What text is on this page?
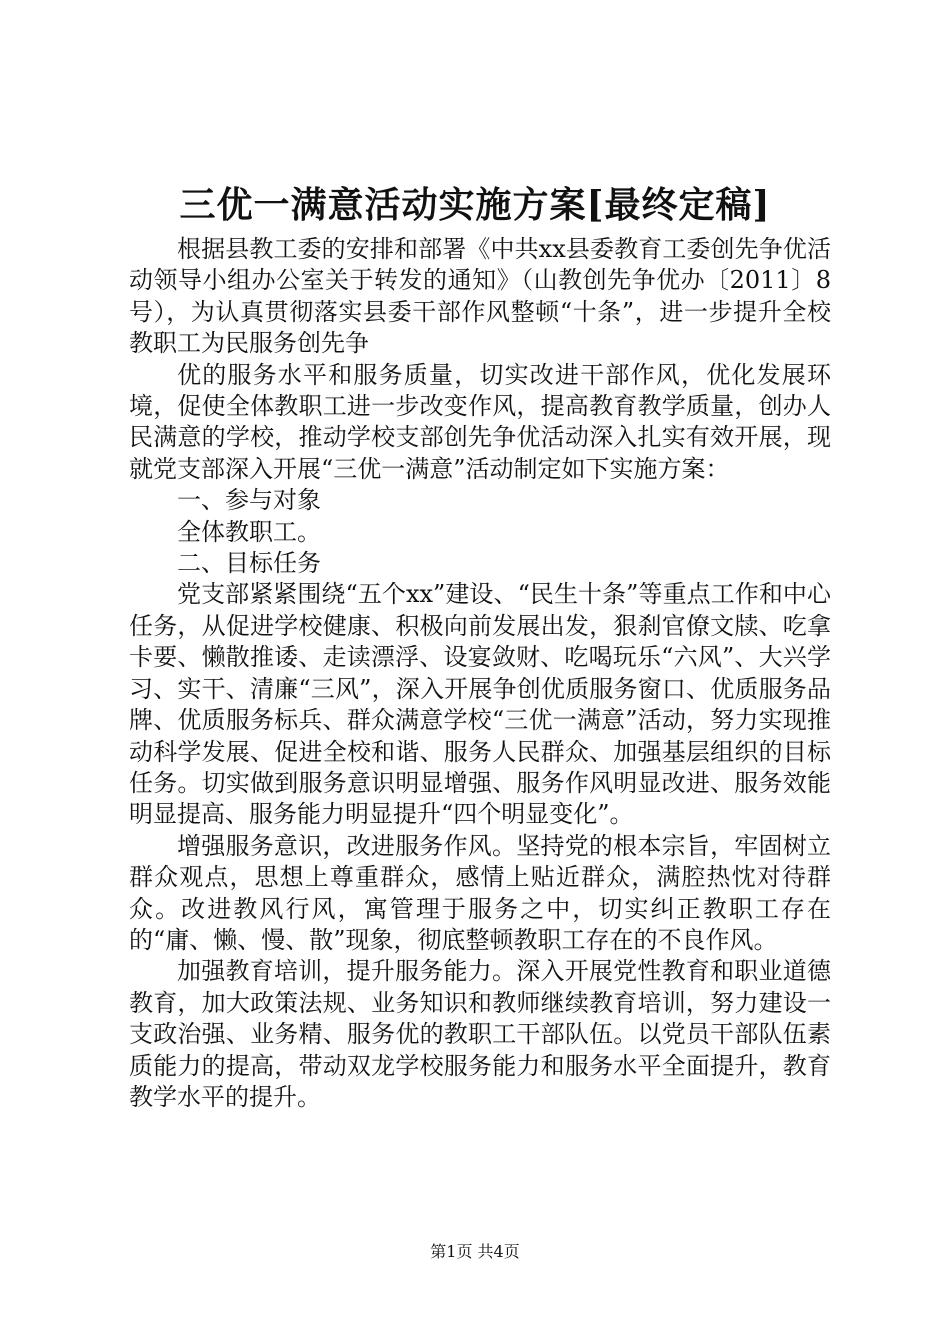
三优一满意活动实施方案[最终定稿]

根据县教工委的安排和部署《中共xx县委教育工委创先争优活动领导小组办公室关于转发的通知》（山教创先争优办〔2011〕8号），为认真贯彻落实县委干部作风整顿“十条”，进一步提升全校教职工为民服务创先争

优的服务水平和服务质量，切实改进干部作风，优化发展环境，促使全体教职工进一步改变作风，提高教育教学质量，创办人民满意的学校，推动学校支部创先争优活动深入扎实有效开展，现就党支部深入开展“三优一满意”活动制定如下实施方案：

一、参与对象

全体教职工。

二、目标任务

党支部紧紧围绕“五个xx”建设、“民生十条”等重点工作和中心任务，从促进学校健康、积极向前发展出发，狠刹官僚文牍、吃拿卡要、懒散推诿、走读漂浮、设宴敛财、吃喝玩乐“六风”、大兴学习、实干、清廉“三风”，深入开展争创优质服务窗口、优质服务品牌、优质服务标兵、群众满意学校“三优一满意”活动，努力实现推动科学发展、促进全校和谐、服务人民群众、加强基层组织的目标任务。切实做到服务意识明显增强、服务作风明显改进、服务效能明显提高、服务能力明显提升“四个明显变化”。

增强服务意识，改进服务作风。坚持党的根本宗旨，牢固树立群众观点，思想上尊重群众，感情上贴近群众，满腔热忱对待群众。改进教风行风，寓管理于服务之中，切实纠正教职工存在的“庸、懒、慢、散”现象，彻底整顿教职工存在的不良作风。

加强教育培训，提升服务能力。深入开展党性教育和职业道德教育，加大政策法规、业务知识和教师继续教育培训，努力建设一支政治强、业务精、服务优的教职工干部队伍。以党员干部队伍素质能力的提高，带动双龙学校服务能力和服务水平全面提升，教育教学水平的提升。

第1页 共4页
